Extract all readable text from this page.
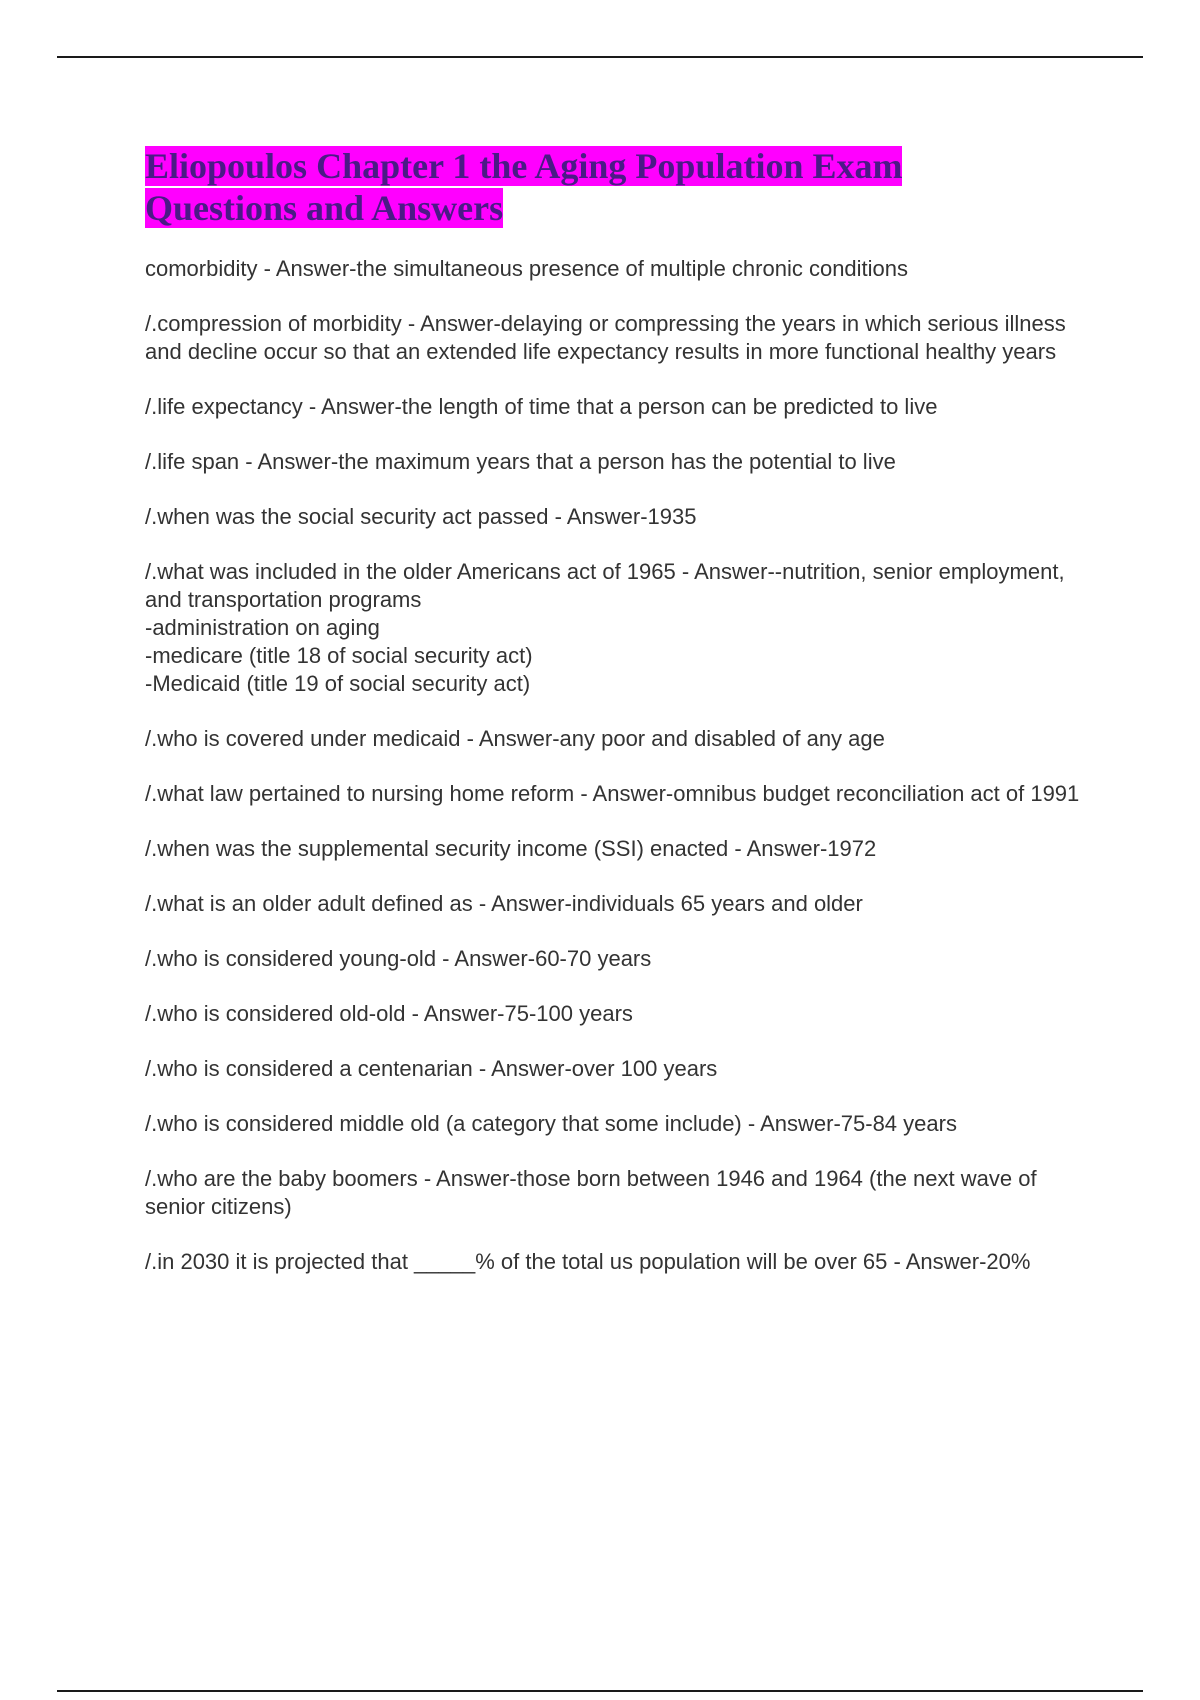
Eliopoulos Chapter 1 the Aging Population Exam Questions and Answers
comorbidity - Answer-the simultaneous presence of multiple chronic conditions
/.compression of morbidity - Answer-delaying or compressing the years in which serious illness and decline occur so that an extended life expectancy results in more functional healthy years
/.life expectancy - Answer-the length of time that a person can be predicted to live
/.life span - Answer-the maximum years that a person has the potential to live
/.when was the social security act passed - Answer-1935
/.what was included in the older Americans act of 1965 - Answer--nutrition, senior employment, and transportation programs
-administration on aging
-medicare (title 18 of social security act)
-Medicaid (title 19 of social security act)
/.who is covered under medicaid - Answer-any poor and disabled of any age
/.what law pertained to nursing home reform - Answer-omnibus budget reconciliation act of 1991
/.when was the supplemental security income (SSI) enacted - Answer-1972
/.what is an older adult defined as - Answer-individuals 65 years and older
/.who is considered young-old - Answer-60-70 years
/.who is considered old-old - Answer-75-100 years
/.who is considered a centenarian - Answer-over 100 years
/.who is considered middle old (a category that some include) - Answer-75-84 years
/.who are the baby boomers - Answer-those born between 1946 and 1964 (the next wave of senior citizens)
/.in 2030 it is projected that _____% of the total us population will be over 65 - Answer-20%
